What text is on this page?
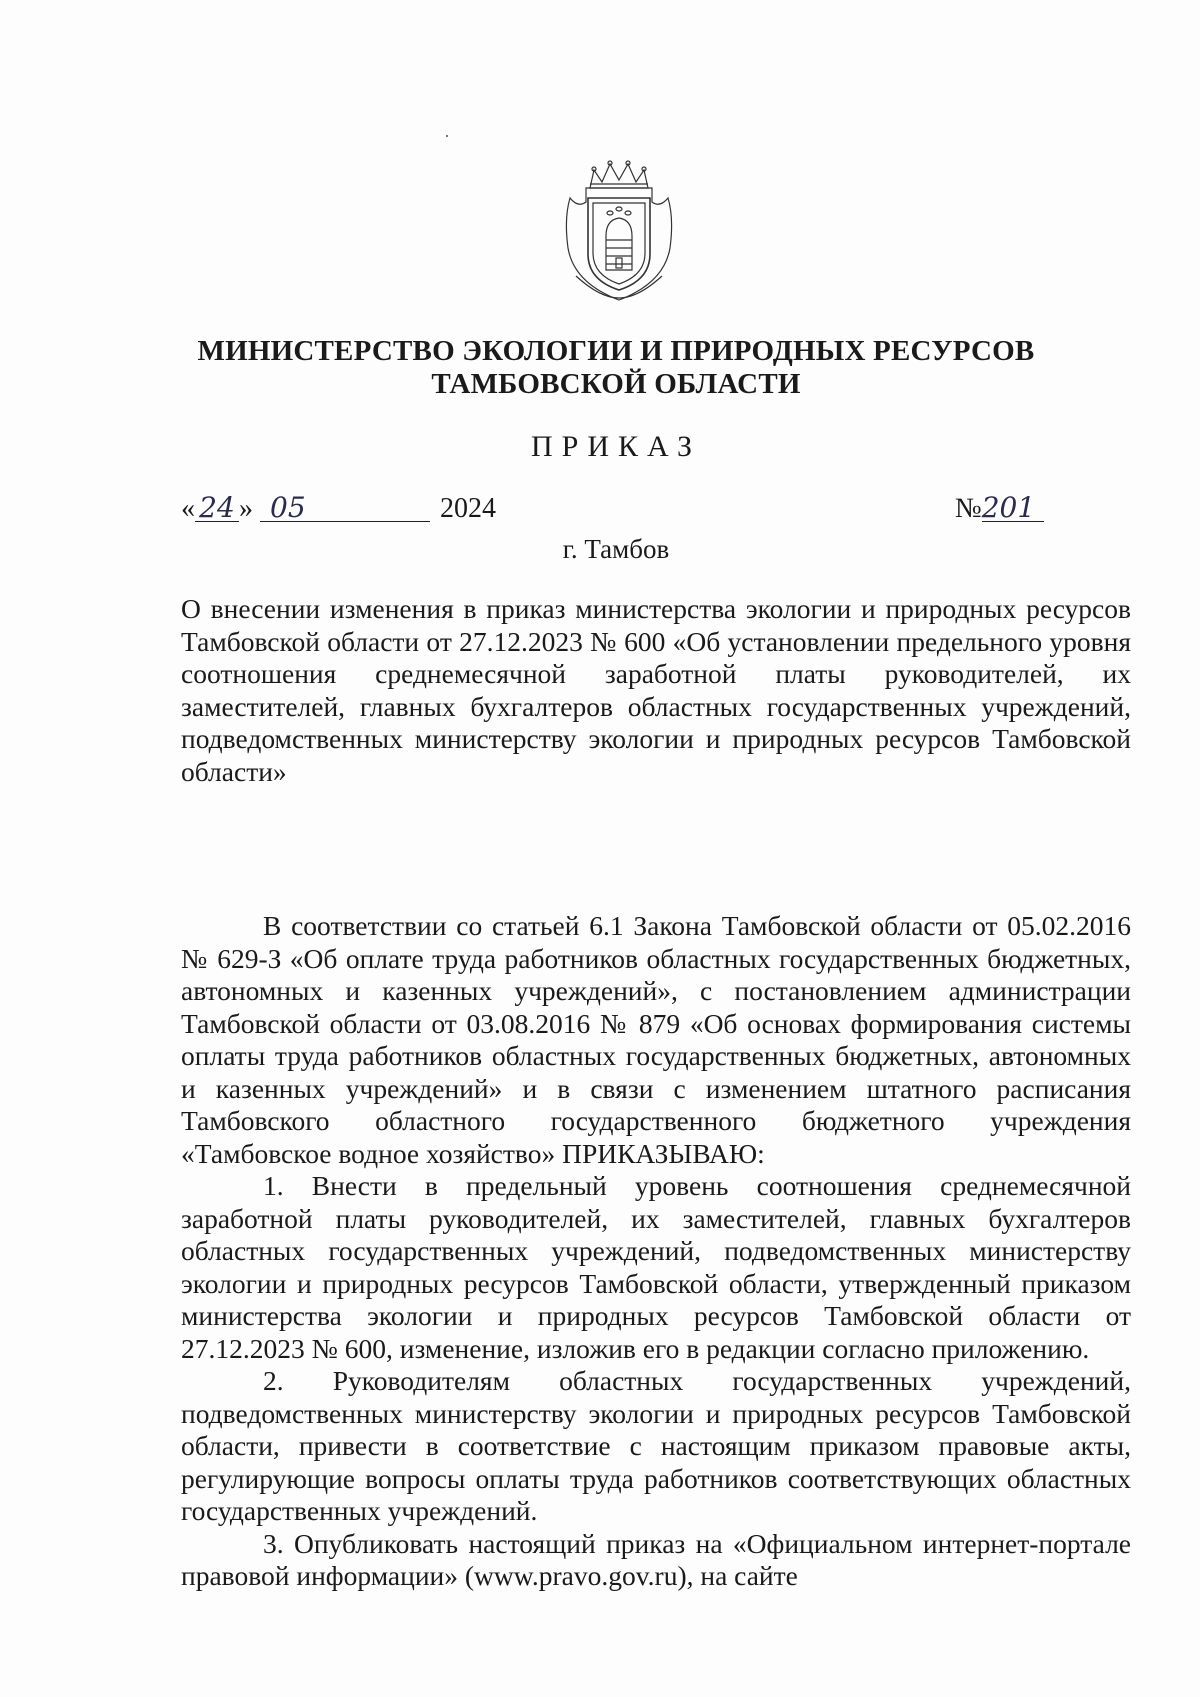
МИНИСТЕРСТВО ЭКОЛОГИИ И ПРИРОДНЫХ РЕСУРСОВ
ТАМБОВСКОЙ ОБЛАСТИ
ПРИКАЗ
« 24 » 05	2024	№201
г. Тамбов
О внесении изменения в приказ министерства экологии и природных ресурсов Тамбовской области от 27.12.2023 № 600 «Об установлении предельного уровня соотношения среднемесячной заработной платы руководителей, их заместителей, главных бухгалтеров областных государственных учреждений, подведомственных министерству экологии и природных ресурсов Тамбовской области»

В соответствии со статьей 6.1 Закона Тамбовской области от 05.02.2016 № 629-З «Об оплате труда работников областных государственных бюджетных, автономных и казенных учреждений», с постановлением администрации Тамбовской области от 03.08.2016 № 879 «Об основах формирования системы оплаты труда работников областных государственных бюджетных, автономных и казенных учреждений» и в связи с изменением штатного расписания Тамбовского областного государственного бюджетного учреждения «Тамбовское водное хозяйство» ПРИКАЗЫВАЮ:

1. Внести в предельный уровень соотношения среднемесячной заработной платы руководителей, их заместителей, главных бухгалтеров областных государственных учреждений, подведомственных министерству экологии и природных ресурсов Тамбовской области, утвержденный приказом министерства экологии и природных ресурсов Тамбовской области от 27.12.2023 № 600, изменение, изложив его в редакции согласно приложению.

2. Руководителям областных государственных учреждений, подведомственных министерству экологии и природных ресурсов Тамбовской области, привести в соответствие с настоящим приказом правовые акты, регулирующие вопросы оплаты труда работников соответствующих областных государственных учреждений.

3. Опубликовать настоящий приказ на «Официальном интернет-портале правовой информации» (www.pravo.gov.ru), на сайте
